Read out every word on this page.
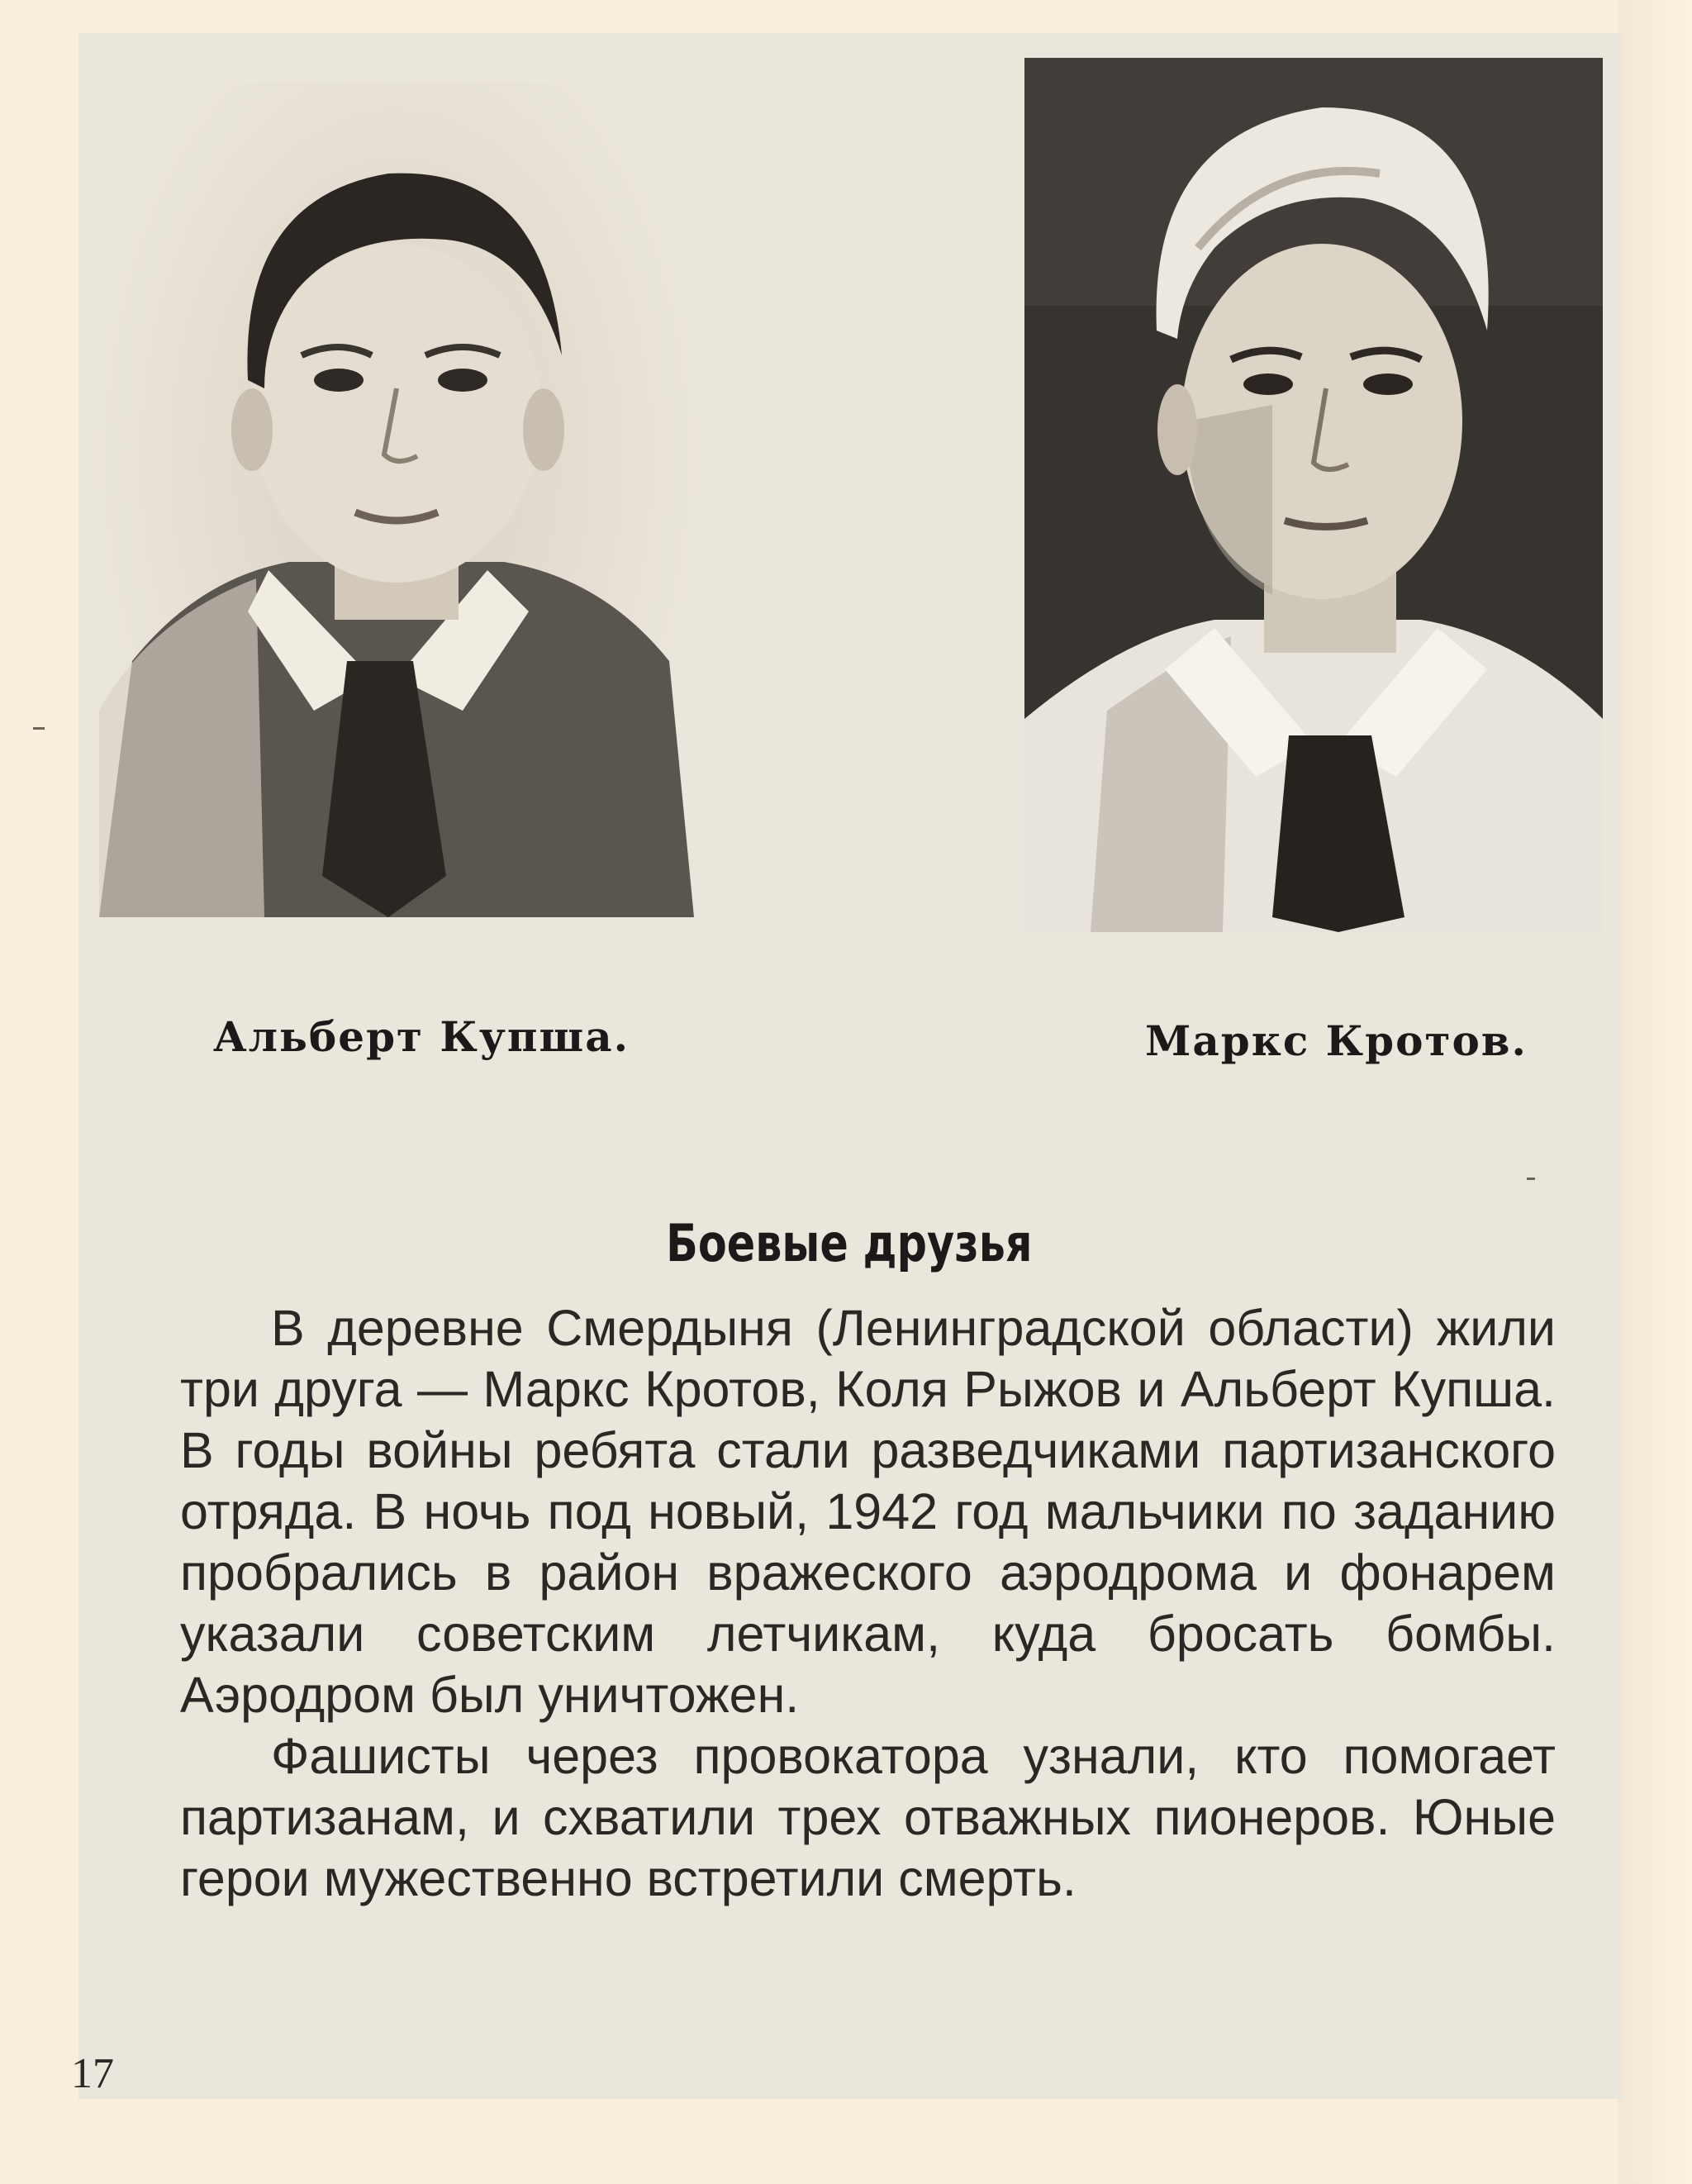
Альберт Купша.	Маркс Кротов.
Боевые друзья

В деревне Смердыня (Ленинградской области) жили три друга — Маркс Кротов, Коля Рыжов и Альберт Купша. В годы войны ребята стали разведчиками партизанского отряда. В ночь под новый, 1942 год мальчики по заданию пробрались в район вражеского аэродрома и фонарем указали советским летчикам, куда бросать бомбы. Аэродром был уничтожен.

Фашисты через провокатора узнали, кто помогает партизанам, и схватили трех отважных пионеров. Юные герои мужественно встретили смерть.

17
